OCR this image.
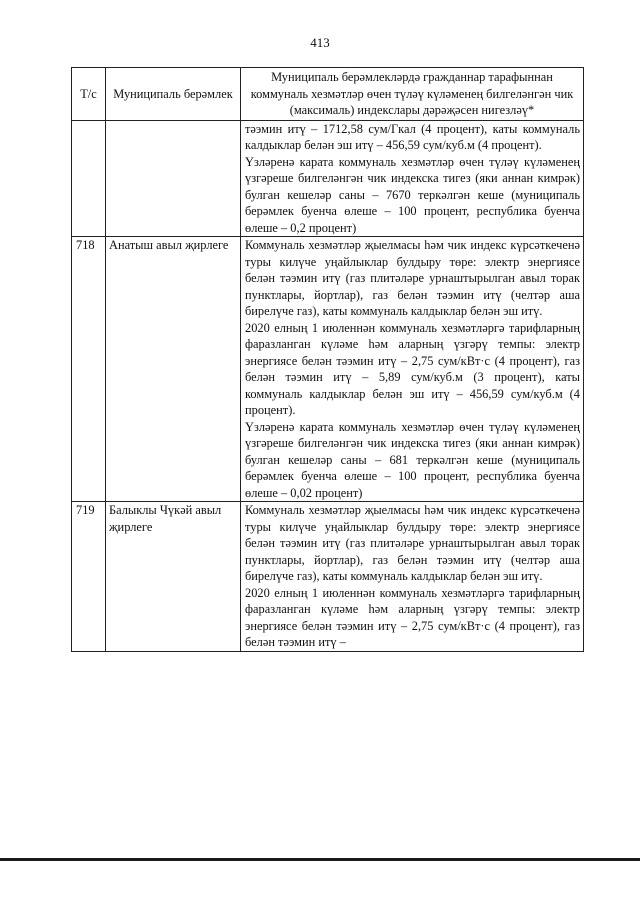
413
Т/с	Муниципаль берәмлек	Муниципаль берәмлекләрдә гражданнар тарафыннан коммуналь хезмәтләр өчен түләү күләменең билгеләнгән чик (максималь) индекслары дәрәҗәсен нигезләү*

		тәэмин итү – 1712,58 сум/Гкал (4 процент), каты коммуналь калдыклар белән эш итү – 456,59 сум/куб.м (4 процент).

Үзләренә карата коммуналь хезмәтләр өчен түләү күләменең үзгәреше билгеләнгән чик индекска тигез (яки аннан кимрәк) булган кешеләр саны – 7670 теркәлгән кеше (муниципаль берәмлек буенча өлеше – 100 процент, республика буенча өлеше – 0,2 процент)

718	Анатыш авыл җирлеге	Коммуналь хезмәтләр җыелмасы һәм чик индекс күрсәткеченә туры килүче уңайлыклар булдыру төре: электр энергиясе белән тәэмин итү (газ плитәләре урнаштырылган авыл торак пунктлары, йортлар), газ белән тәэмин итү (челтәр аша бирелүче газ), каты коммуналь калдыклар белән эш итү.

2020 елның 1 июленнән коммуналь хезмәтләргә тарифларның фаразланган күләме һәм аларның үзгәрү темпы: электр энергиясе белән тәэмин итү – 2,75 сум/кВт·с (4 процент), газ белән тәэмин итү – 5,89 сум/куб.м (3 процент), каты коммуналь калдыклар белән эш итү – 456,59 сум/куб.м (4 процент).

Үзләренә карата коммуналь хезмәтләр өчен түләү күләменең үзгәреше билгеләнгән чик индекска тигез (яки аннан кимрәк) булган кешеләр саны – 681 теркәлгән кеше (муниципаль берәмлек буенча өлеше – 100 процент, республика буенча өлеше – 0,02 процент)

719	Балыклы Чүкәй авыл җирлеге	Коммуналь хезмәтләр җыелмасы һәм чик индекс күрсәткеченә туры килүче уңайлыклар булдыру төре: электр энергиясе белән тәэмин итү (газ плитәләре урнаштырылган авыл торак пунктлары, йортлар), газ белән тәэмин итү (челтәр аша бирелүче газ), каты коммуналь калдыклар белән эш итү.

2020 елның 1 июленнән коммуналь хезмәтләргә тарифларның фаразланган күләме һәм аларның үзгәрү темпы: электр энергиясе белән тәэмин итү – 2,75 сум/кВт·с (4 процент), газ белән тәэмин итү –
